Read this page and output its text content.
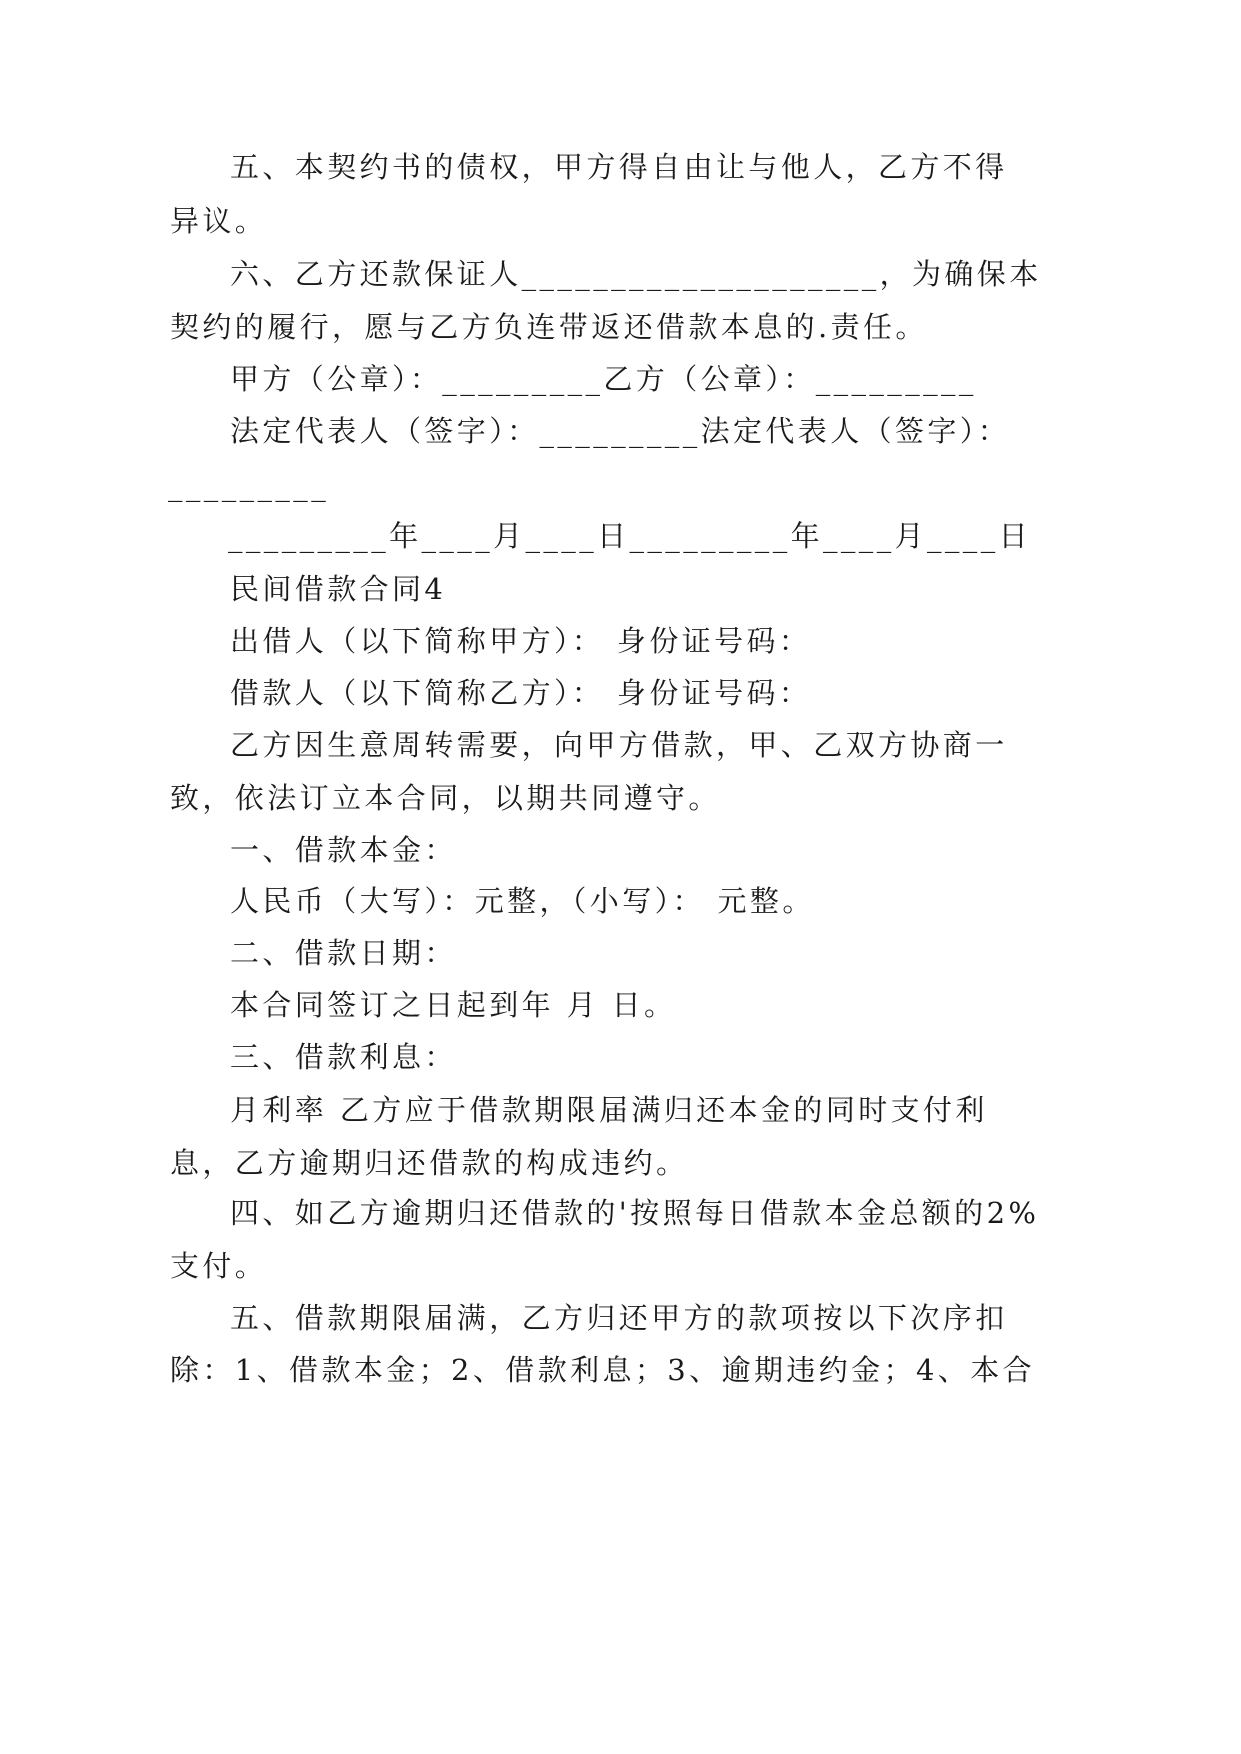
五、本契约书的债权，甲方得自由让与他人，乙方不得

异议。

六、乙方还款保证人____________________，为确保本

契约的履行，愿与乙方负连带返还借款本息的.责任。

甲方（公章）：_________乙方（公章）：_________

法定代表人（签字）：_________法定代表人（签字）：

_________

_________年____月____日_________年____月____日

民间借款合同4

出借人（以下简称甲方）： 身份证号码：

借款人（以下简称乙方）： 身份证号码：

乙方因生意周转需要，向甲方借款，甲、乙双方协商一

致，依法订立本合同，以期共同遵守。

一、借款本金：

人民币（大写）：元整，（小写）： 元整。

二、借款日期：

本合同签订之日起到年 月 日。

三、借款利息：

月利率 乙方应于借款期限届满归还本金的同时支付利

息，乙方逾期归还借款的构成违约。

四、如乙方逾期归还借款的'按照每日借款本金总额的2%

支付。

五、借款期限届满，乙方归还甲方的款项按以下次序扣

除：1、借款本金；2、借款利息；3、逾期违约金；4、本合
